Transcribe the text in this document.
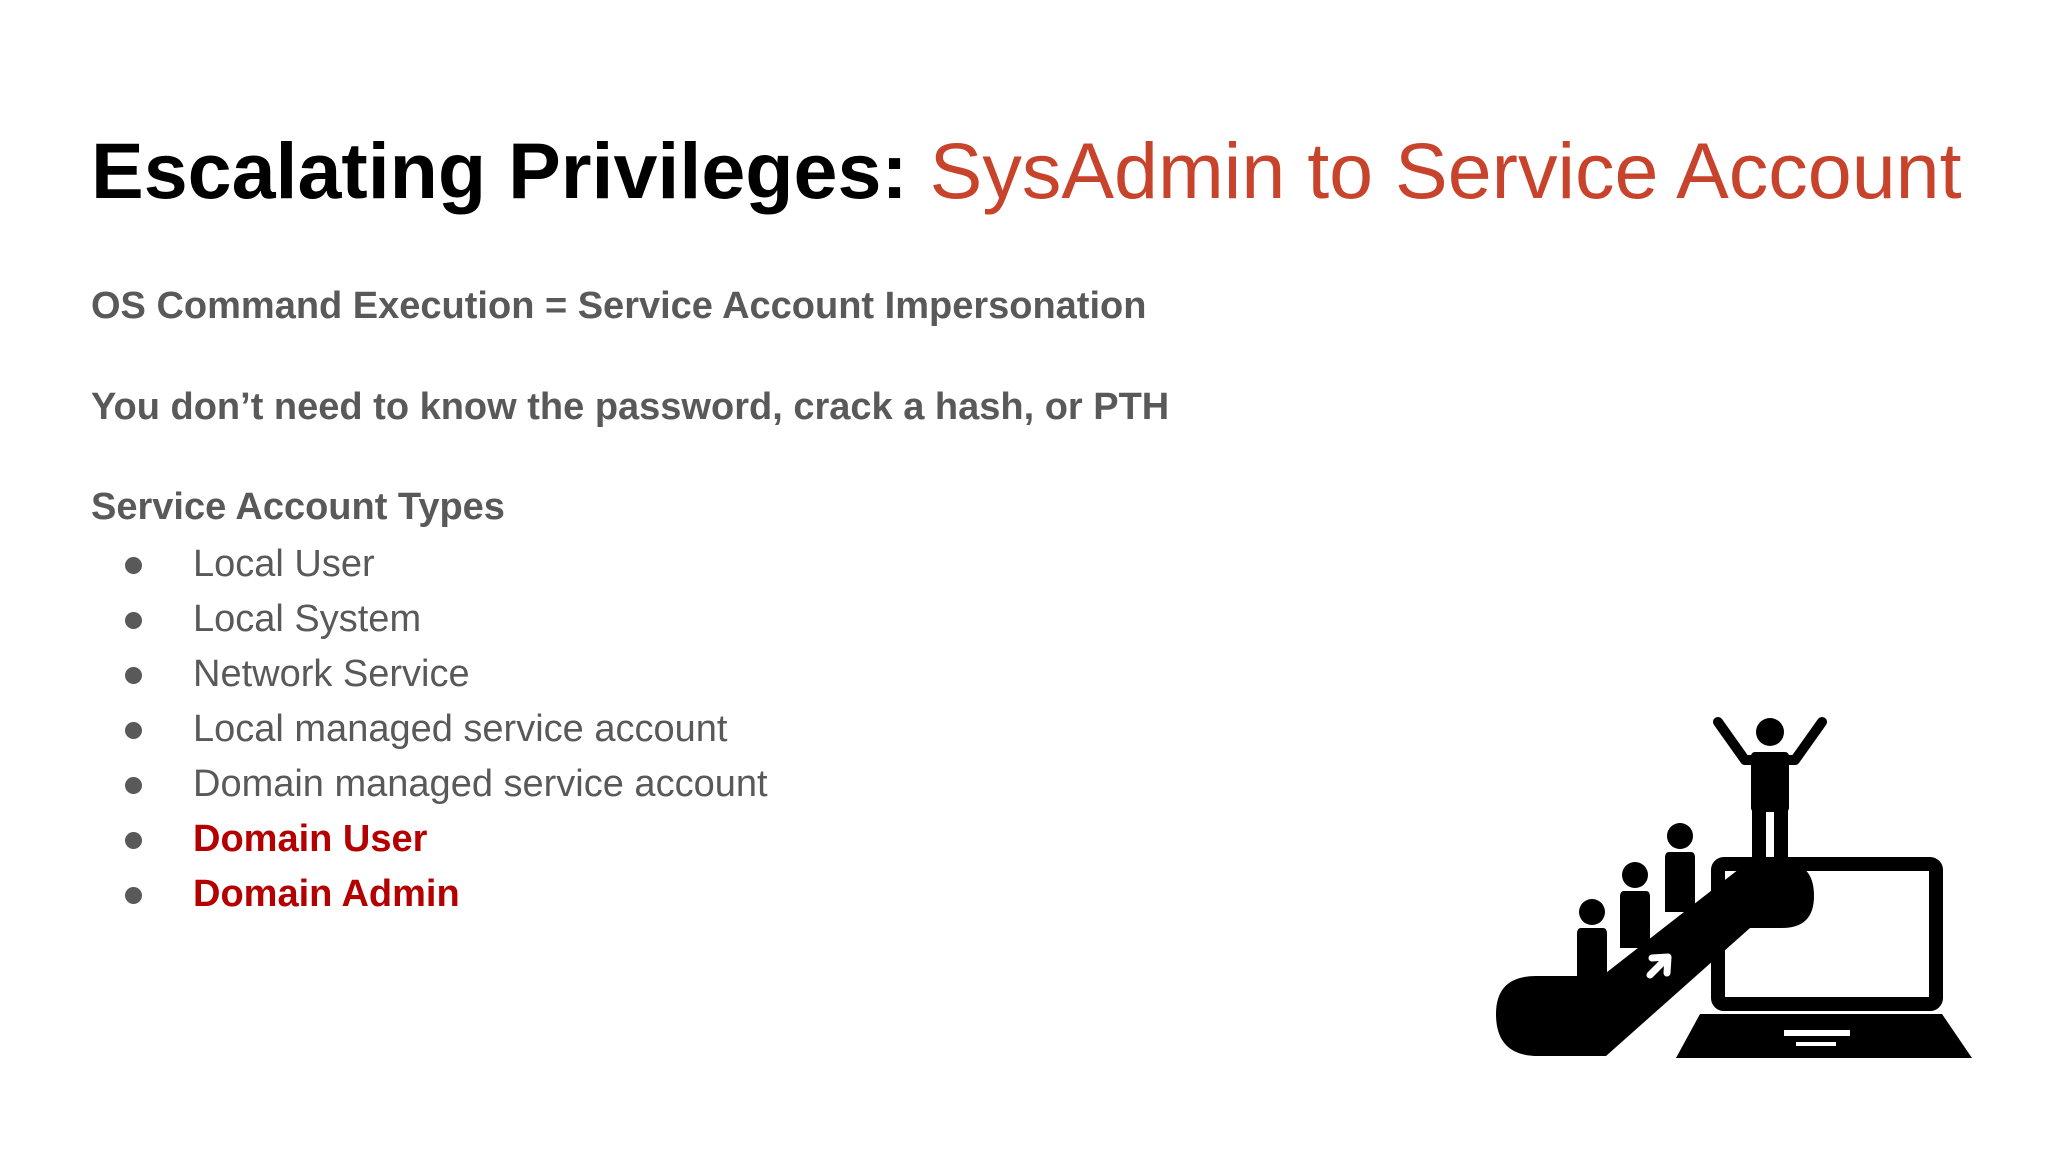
Escalating Privileges: SysAdmin to Service Account

OS Command Execution = Service Account Impersonation

You don’t need to know the password, crack a hash, or PTH

Service Account Types

Local User
Local System
Network Service
Local managed service account
Domain managed service account
Domain User
Domain Admin
